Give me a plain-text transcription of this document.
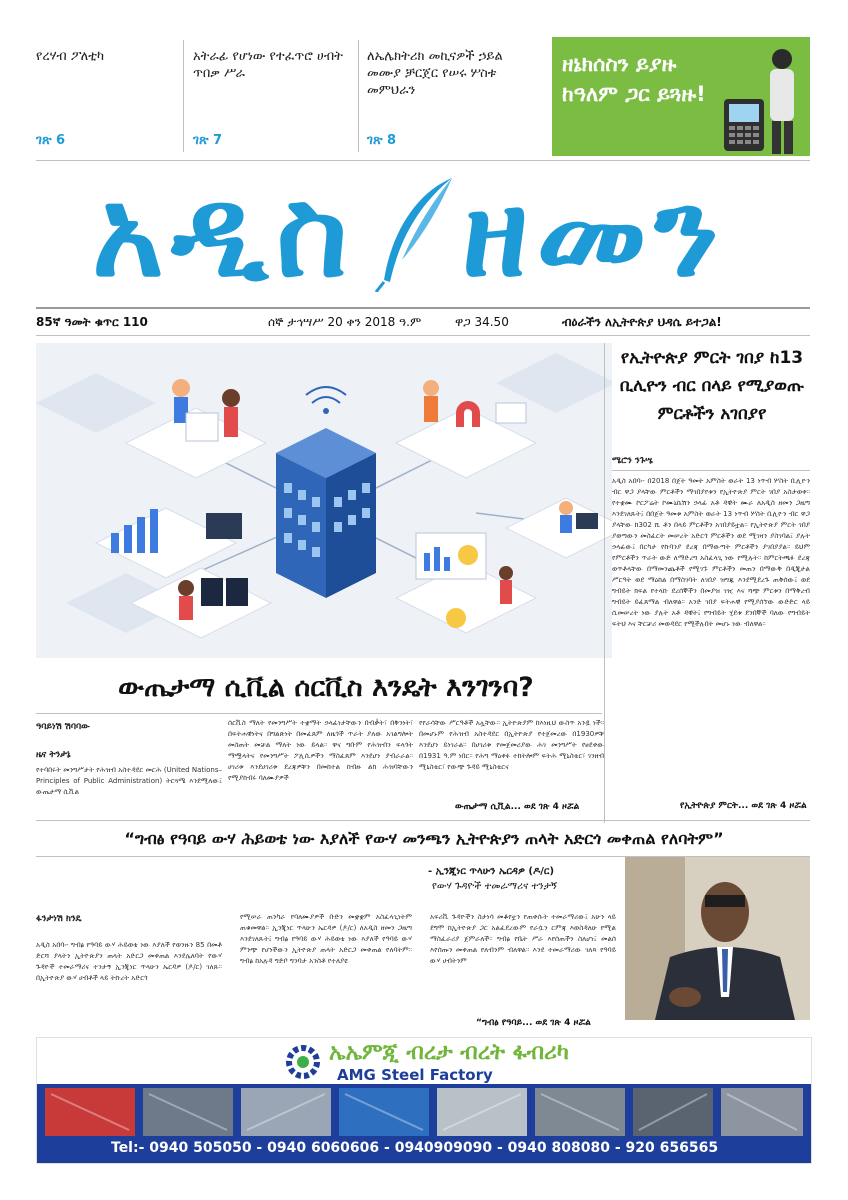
የረሃብ ፖለቲካ
ገጽ 6
አትራፊ የሆነው የተፈጥሮ ሀብት ጥበቃ ሥራ
ገጽ 7
ለኤሌክትሪክ መኪናዎች ኃይል መሙያ ቻርጀር የሠሩ ሦስቱ መምህራን
ገጽ 8
ዘኔክሰስን ይያዙ ከዓለም ጋር ይጓዙ!
አዲስ ዘመን
85ኛ ዓመት ቁጥር 110	ሰኞ ታኅሣሥ 20 ቀን 2018 ዓ.ም	ዋጋ 34.50	ብዕራችን ለኢትዮጵያ ህዳሴ ይተጋል!
የኢትዮጵያ ምርት ገበያ ከ13 ቢሊዮን ብር በላይ የሚያወጡ ምርቶችን አገበያየ
ሜሮን ንጉሤ
አዲስ አበባ፡- በ2018 በጀት ዓመት አምስት ወራት 13 ነጥብ ሦስት ቢሊዮን ብር ዋጋ ያላቸው ምርቶችን ማገበያየቱን የኢትዮጵያ ምርት ገበያ አስታወቀ። የተቋሙ ኮርፖሬት ኮሙኒኬሽን ኃላፊ አቶ ዳዊት ሙራ ለአዲስ ዘመን ጋዜጣ እንደገለጹት፤ በበጀት ዓመቱ አምስት ወራት 13 ነጥብ ሦስት ቢሊዮን ብር ዋጋ ያላቸው ከ302 ሺ ቶን በላይ ምርቶችን አገበያይቷል። የኢትዮጵያ ምርት ገበያ ያወጣውን መስፈርት መሠረት አድርጎ ምርቶችን ወደ ሚገዛን ያስገባል፤ ያሉት ኃላፊው፤ በርካታ የኩባንያ ደረጃ በማውጣት ምርቶችን ያገበያያል። ይህም የምርቶችን ጥራት ውድ ለማድረግ አስፈላጊ ነው የሚሉት። ከምርትጫፉ ደረጃ ወጥቶላቸው በማመንጨቶች የሚገኙ ምርቶችን መጠን በማውቅ በዲጂታል ሥርዓት ወደ ማዕከል በማስገባት ለገበያ ዝግጁ እንደሚደረጉ ጠቅሰው፤ ወደ ግብይት ክፍል የተላኩ ደረሰኞችን በመያዝ ገዢ እና ሻጭ ምርቱን በማቅረብ ግብይት ይፈጸማል ብለዋል። አንድ ገበያ ፍትሐዊ የሚያሰኘው ውድድር ላይ ሲመሠረት ነው ያሉት አቶ ዳዊት፤ የግብይት ሂደቱ ደንበኞች ባለው የግብይት ፍትህ እና ቸርቻሪ መወዳደር የሚችሉበት መሆኑ ነው ብለዋል።
የኢትዮጵያ ምርት... ወደ ገጽ 4 ዞሯል
ውጤታማ ሲቪል ሰርቪስ እንዴት እንገንባ?
ዓባይነሽ ሽባባው
ዜና ትንታኔ
የተባበሩት መንግሥታት የሕዝብ አስተዳደር መርሕ (United Nations– Principles of Public Administration) ትርጓሜ እንደሚለው፤ ውጤታማ ሲቪል
ሰርቪስ ማለት የመንግሥት ተቋማት ኃላፊነታቸውን በብቃት፣ በቅንነት፣ በፍትሐዊነትና በግልጽነት በመፈጸም ለዜጎች ጥራት ያለው አገልግሎት መስጠት መቻል ማለት ነው ይላል። ዋና ግቡም የሕዝብን ፍላጎት ማሟላትና የመንግሥት ፖሊሲዎችን ማስፈጸም እንደሆነ ያብራራል። ሀገሪቱ እንደሀገሪቱ ደረጃዎቹን በመከተል ከብዙ ልክ ሕዝባቸውን የሚያከብሩ ባለሙያዎች
የየራሳቸው ሥርዓቶች አሏቸው። ኢትዮጵያም ከእነዚህ ውስጥ አንዷ ነች። በመሆኑም የሕዝብ አስተዳደር በኢትዮጵያ የተጀመረው በ1930ዎቹ እንደሆነ ይነገራል። በሀገሪቱ የመጀመሪያው ሕገ መንግሥት የፀደቀው በ1931 ዓ.ም ነበር። የሕግ ማዕቀፉ ተከትሎም ፍትሕ ሚኒስቴር፣ ገንዘብ ሚኒስቴር፣ የውጭ ጉዳይ ሚኒስቴርና
ውጤታማ ሲቪል... ወደ ገጽ 4 ዞሯል
“ግብፅ የዓባይ ውሃ ሕይወቴ ነው እያለች የውሃ መንጫን ኢትዮጵያን ጠላት አድርጎ መቀጠል የለባትም”
- ኢንጂነር ጥላሁን ኤርዳዎ (ዶ/ር)
የውሃ ጉዳዮች ተመራማሪና ተንታኝ
ፋንታነሽ ክንዴ
አዲስ አበባ፡- ግብፅ የዓባይ ውሃ ሕይወቴ ነው እያለች የወንዙን 85 በመቶ ድርሻ ያላትን ኢትዮጵያን ጠላት አድርጋ መቀጠል እንደሌለባት የውሃ ጉዳዮች ተመራማሪና ተንታኝ ኢንጂነር ጥላሁን ኤርዳዎ (ዶ/ር) ገለጹ። በኢትዮጵያ ውሃ ሀብቶች ላይ ትኩረት አድርጎ
የሚሠራ ጠንካራ የባለሙያዎች ቡድን መቋቋም አስፈላጊነትም ጠቁመዋል። ኢንጂነር ጥላሁን ኤርዳዎ (ዶ/ር) ለአዲስ ዘመን ጋዜጣ እንደገለጹት፤ ግብፅ የዓባይ ውሃ ሕይወቴ ነው እያለች የዓባይ ውሃ ምንጭ የሆነችውን ኢትዮጵያ ጠላት አድርጋ መቀጠል የለባትም። ግብፅ ከአሉዳ ግድቦ ግንባታ አንስቶ የተለያዩ
አፍሪቪ ጉዳዮችን ስታነሳ መቆየቷን የጠቀሱት ተመራማሪው፤ አሁን ላይ ደግሞ ከኢትዮጵያ ጋር አልፈደረውም የራሷን ርምጃ እወስዳለሁ የሚል ማስፈራሪያ ጀምራለች። ግብፅ የቤት ሥራ እየሰጠችን ስለሆነ፤ መልሰ እየሰጡን መቀጠል የለብንም ብለዋል። እንደ ተመራማሪው ገለጻ የዓባይ ውሃ ሀብትንም
“ግብፅ የዓባይ... ወደ ገጽ 4 ዞሯል
ኤኤምጂ ብረታ ብረት ፋብሪካ
AMG Steel Factory
Tel:- 0940 505050 - 0940 6060606 - 0940909090 - 0940 808080 - 920 656565
